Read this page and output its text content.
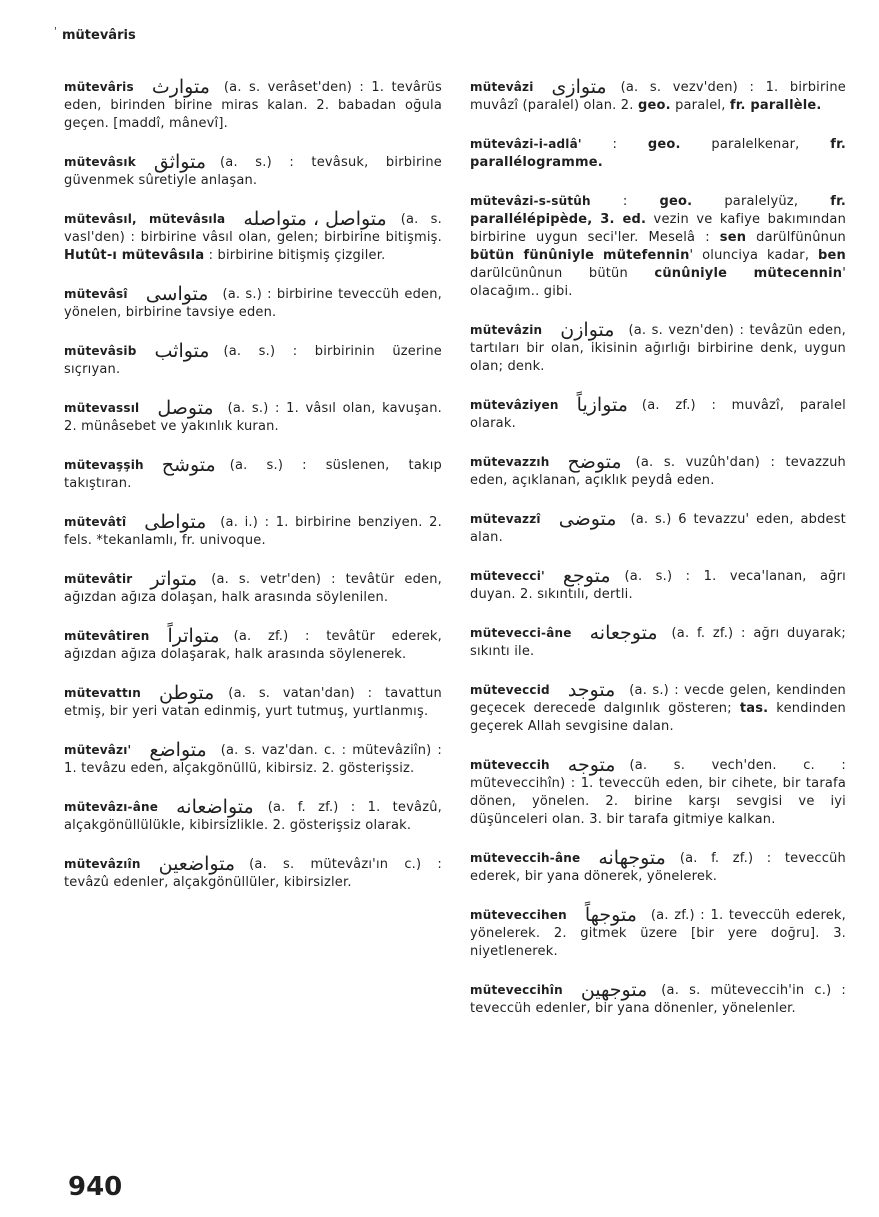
' mütevâris

mütevâris متوارث (a. s. verâset'den) : 1. tevârüs eden, birinden birine miras kalan. 2. babadan oğula geçen. [maddî, mânevî].

mütevâsık متواثق (a. s.) : tevâsuk, birbirine güvenmek sûretiyle anlaşan.

mütevâsıl, mütevâsıla متواصل ، متواصله (a. s. vasl'den) : birbirine vâsıl olan, gelen; birbirine bitişmiş. Hutût-ı mütevâsıla : birbirine bitişmiş çizgiler.

mütevâsî متواسی (a. s.) : birbirine teveccüh eden, yönelen, birbirine tavsiye eden.

mütevâsib متواثب (a. s.) : birbirinin üzerine sıçrıyan.

mütevassıl متوصل (a. s.) : 1. vâsıl olan, kavuşan. 2. münâsebet ve yakınlık kuran.

mütevaşşih متوشح (a. s.) : süslenen, takıp takıştıran.

mütevâtî متواطی (a. i.) : 1. birbirine benziyen. 2. fels. *tekanlamlı, fr. univoque.

mütevâtir متواتر (a. s. vetr'den) : tevâtür eden, ağızdan ağıza dolaşan, halk arasında söylenilen.

mütevâtiren متواتراً (a. zf.) : tevâtür ederek, ağızdan ağıza dolaşarak, halk arasında söylenerek.

mütevattın متوطن (a. s. vatan'dan) : tavattun etmiş, bir yeri vatan edinmiş, yurt tutmuş, yurtlanmış.

mütevâzı' متواضع (a. s. vaz'dan. c. : mütevâziîn) : 1. tevâzu eden, alçakgönüllü, kibirsiz. 2. gösterişsiz.

mütevâzı-âne متواضعانه (a. f. zf.) : 1. tevâzû, alçakgönüllülükle, kibirsizlikle. 2. gösterişsiz olarak.

mütevâzıîn متواضعين (a. s. mütevâzı'ın c.) : tevâzû edenler, alçakgönüllüler, kibirsizler.

mütevâzi متوازی (a. s. vezv'den) : 1. birbirine muvâzî (paralel) olan. 2. geo. paralel, fr. parallèle.

mütevâzi-i-adlâ' : geo. paralelkenar, fr. parallélogramme.

mütevâzi-s-sütûh : geo. paralelyüz, fr. parallélépipède, 3. ed. vezin ve kafiye bakımından birbirine uygun seci'ler. Meselâ : sen darülfünûnun bütün fünûniyle mütefennin' olunciya kadar, ben darülcünûnun bütün cünûniyle mütecennin' olacağım.. gibi.

mütevâzin متوازن (a. s. vezn'den) : tevâzün eden, tartıları bir olan, ikisinin ağırlığı birbirine denk, uygun olan; denk.

mütevâziyen متوازیاً (a. zf.) : muvâzî, paralel olarak.

mütevazzıh متوضح (a. s. vuzûh'dan) : tevazzuh eden, açıklanan, açıklık peydâ eden.

mütevazzî متوضی (a. s.) 6 tevazzu' eden, abdest alan.

mütevecci' متوجع (a. s.) : 1. veca'lanan, ağrı duyan. 2. sıkıntılı, dertli.

mütevecci-âne متوجعانه (a. f. zf.) : ağrı duyarak; sıkıntı ile.

müteveccid متوجد (a. s.) : vecde gelen, kendinden geçecek derecede dalgınlık gösteren; tas. kendinden geçerek Allah sevgisine dalan.

müteveccih متوجه (a. s. vech'den. c. : müteveccihîn) : 1. teveccüh eden, bir cihete, bir tarafa dönen, yönelen. 2. birine karşı sevgisi ve iyi düşünceleri olan. 3. bir tarafa gitmiye kalkan.

müteveccih-âne متوجهانه (a. f. zf.) : teveccüh ederek, bir yana dönerek, yönelerek.

müteveccihen متوجهاً (a. zf.) : 1. teveccüh ederek, yönelerek. 2. gitmek üzere [bir yere doğru]. 3. niyetlenerek.

müteveccihîn متوجهين (a. s. müteveccih'in c.) : teveccüh edenler, bir yana dönenler, yönelenler.

940
